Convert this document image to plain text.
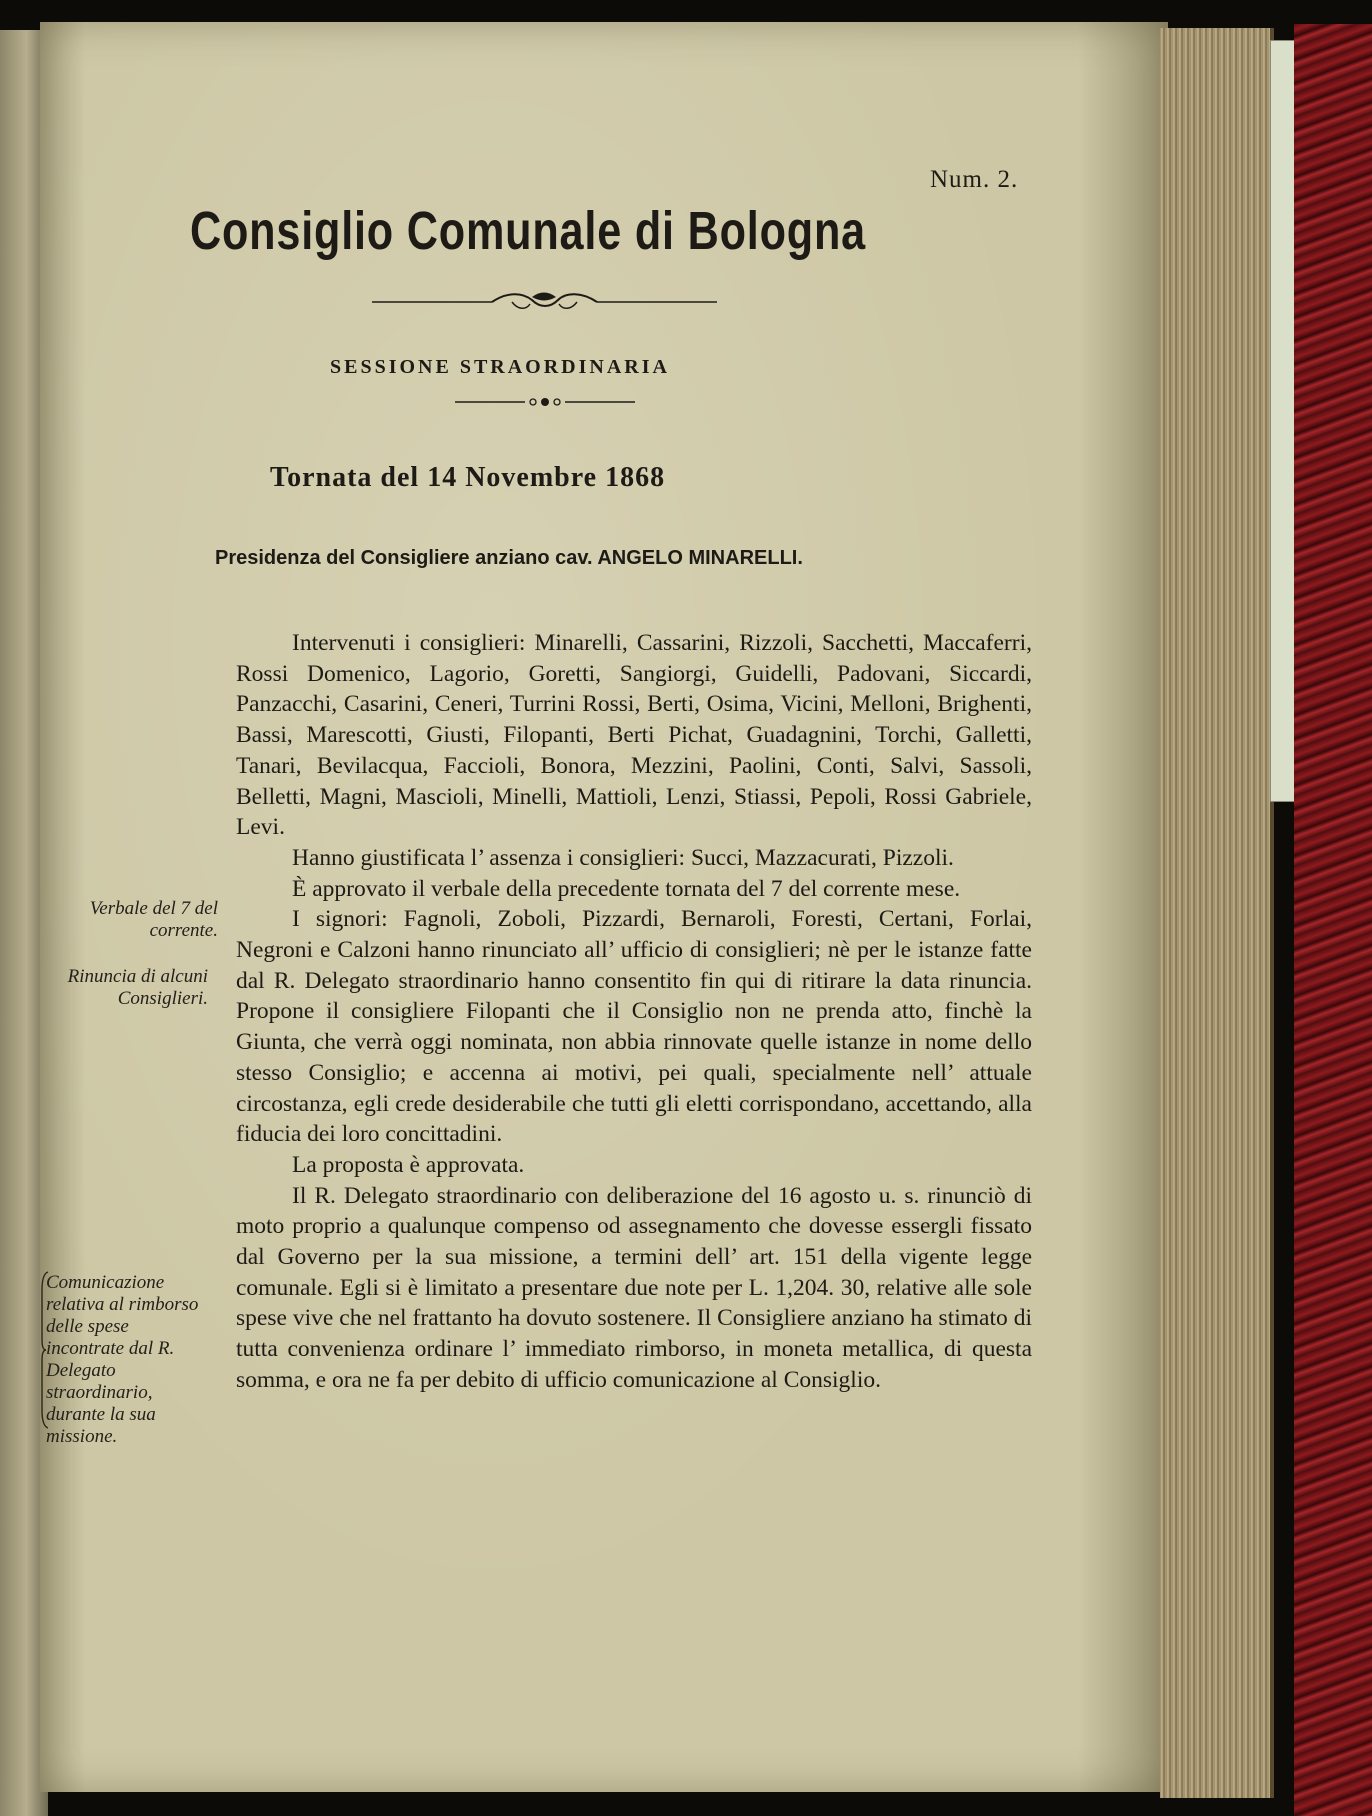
Num. 2.
Consiglio Comunale di Bologna
SESSIONE STRAORDINARIA
Tornata del 14 Novembre 1868
Presidenza del Consigliere anziano cav. ANGELO MINARELLI.
Verbale del 7 del corrente.
Rinuncia di alcuni Consiglieri.
Comunicazione relativa al rimborso delle spese incontrate dal R. Delegato straordinario, durante la sua missione.

Intervenuti i consiglieri: Minarelli, Cassarini, Rizzoli, Sacchetti, Maccaferri, Rossi Domenico, Lagorio, Goretti, Sangiorgi, Guidelli, Padovani, Siccardi, Panzacchi, Casarini, Ceneri, Turrini Rossi, Berti, Osima, Vicini, Melloni, Brighenti, Bassi, Marescotti, Giusti, Filopanti, Berti Pichat, Guadagnini, Torchi, Galletti, Tanari, Bevilacqua, Faccioli, Bonora, Mezzini, Paolini, Conti, Salvi, Sassoli, Belletti, Magni, Mascioli, Minelli, Mattioli, Lenzi, Stiassi, Pepoli, Rossi Gabriele, Levi.

Hanno giustificata l’ assenza i consiglieri: Succi, Mazzacurati, Pizzoli.

È approvato il verbale della precedente tornata del 7 del corrente mese.

I signori: Fagnoli, Zoboli, Pizzardi, Bernaroli, Foresti, Certani, Forlai, Negroni e Calzoni hanno rinunciato all’ ufficio di consiglieri; nè per le istanze fatte dal R. Delegato straordinario hanno consentito fin qui di ritirare la data rinuncia. Propone il consigliere Filopanti che il Consiglio non ne prenda atto, finchè la Giunta, che verrà oggi nominata, non abbia rinnovate quelle istanze in nome dello stesso Consiglio; e accenna ai motivi, pei quali, specialmente nell’ attuale circostanza, egli crede desiderabile che tutti gli eletti corrispondano, accettando, alla fiducia dei loro concittadini.

La proposta è approvata.

Il R. Delegato straordinario con deliberazione del 16 agosto u. s. rinunciò di moto proprio a qualunque compenso od assegnamento che dovesse essergli fissato dal Governo per la sua missione, a termini dell’ art. 151 della vigente legge comunale. Egli si è limitato a presentare due note per L. 1,204. 30, relative alle sole spese vive che nel frattanto ha dovuto sostenere. Il Consigliere anziano ha stimato di tutta convenienza ordinare l’ immediato rimborso, in moneta metallica, di questa somma, e ora ne fa per debito di ufficio comunicazione al Consiglio.
